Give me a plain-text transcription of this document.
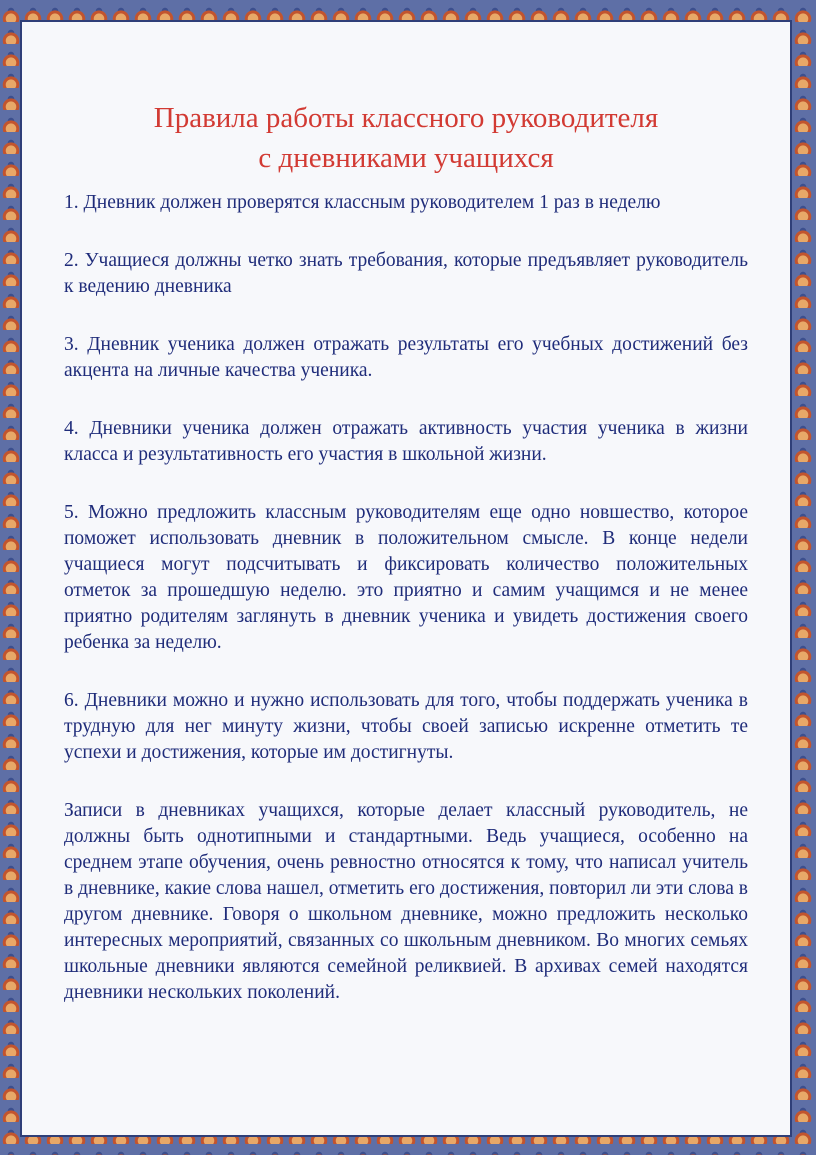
Правила работы классного руководителя
с дневниками учащихся

1. Дневник должен проверятся классным руководителем 1 раз в неделю

2. Учащиеся должны четко знать требования, которые предъявляет руководитель к ведению дневника

3. Дневник ученика должен отражать результаты его учебных достижений без акцента на личные качества ученика.

4. Дневники ученика должен отражать активность участия ученика в жизни класса и результативность его участия в школьной жизни.

5. Можно предложить классным руководителям еще одно новшество, которое поможет использовать дневник в положительном смысле. В конце недели учащиеся могут подсчитывать и фиксировать количество положительных отметок за прошедшую неделю. это приятно и самим учащимся и не менее приятно родителям заглянуть в дневник ученика и увидеть достижения своего ребенка за неделю.

6. Дневники можно и нужно использовать для того, чтобы поддержать ученика в трудную для нег минуту жизни, чтобы своей записью искренне отметить те успехи и достижения, которые им достигнуты.

Записи в дневниках учащихся, которые делает классный руководитель, не должны быть однотипными и стандартными. Ведь учащиеся, особенно на среднем этапе обучения, очень ревностно относятся к тому, что написал учитель в дневнике, какие слова нашел, отметить его достижения, повторил ли эти слова в другом дневнике. Говоря о школьном дневнике, можно предложить несколько интересных мероприятий, связанных со школьным дневником. Во многих семьях школьные дневники являются семейной реликвией. В архивах семей находятся дневники нескольких поколений.
